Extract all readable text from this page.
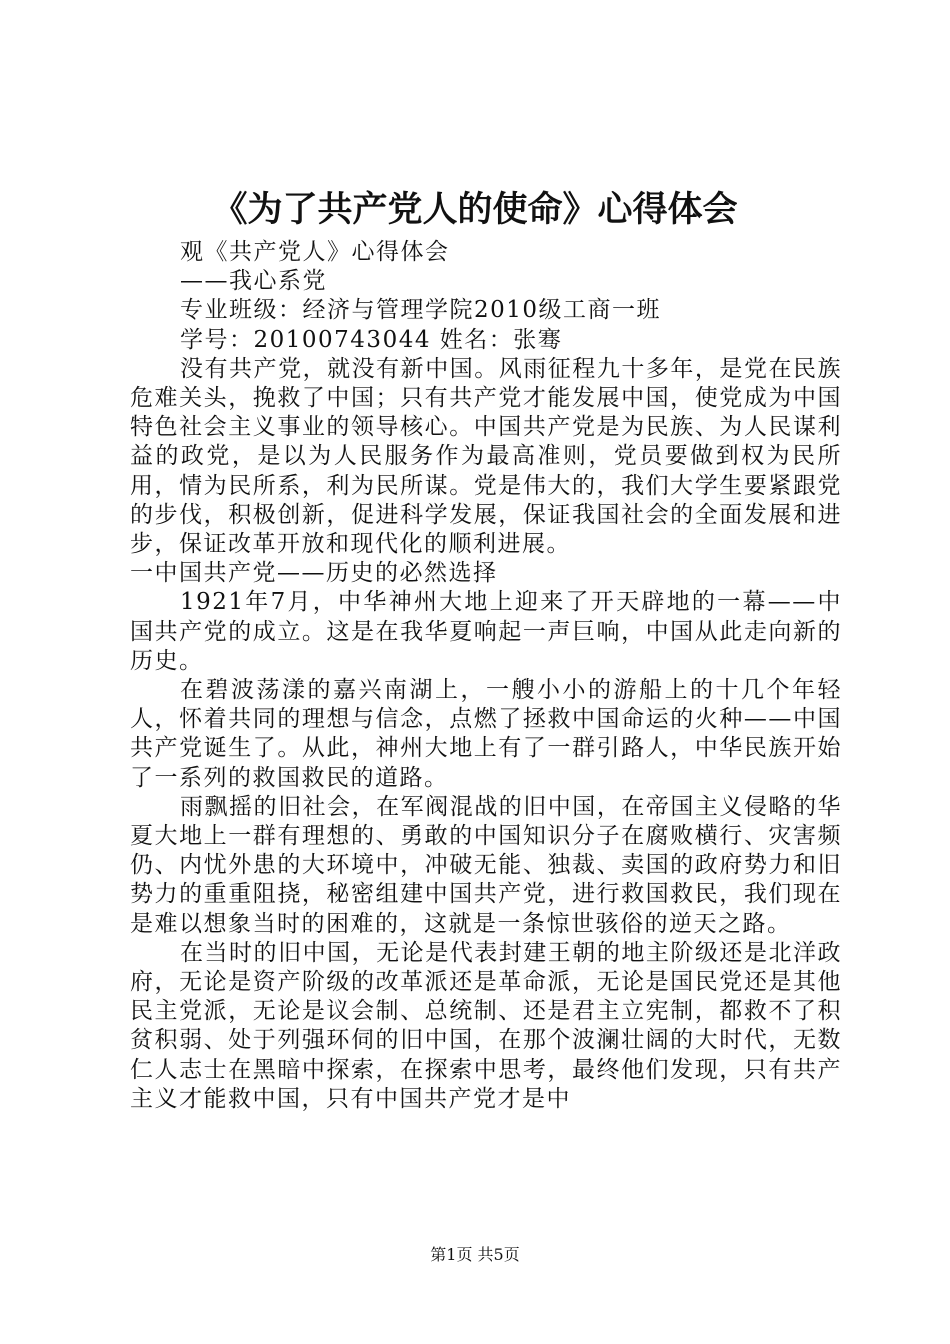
《为了共产党人的使命》心得体会

观《共产党人》心得体会

——我心系党

专业班级：经济与管理学院2010级工商一班

学号：20100743044 姓名：张骞

没有共产党，就没有新中国。风雨征程九十多年，是党在民族危难关头，挽救了中国；只有共产党才能发展中国，使党成为中国特色社会主义事业的领导核心。中国共产党是为民族、为人民谋利益的政党，是以为人民服务作为最高准则，党员要做到权为民所用，情为民所系，利为民所谋。党是伟大的，我们大学生要紧跟党的步伐，积极创新，促进科学发展，保证我国社会的全面发展和进步，保证改革开放和现代化的顺利进展。

一中国共产党——历史的必然选择

1921年7月，中华神州大地上迎来了开天辟地的一幕——中国共产党的成立。这是在我华夏响起一声巨响，中国从此走向新的历史。

在碧波荡漾的嘉兴南湖上，一艘小小的游船上的十几个年轻人，怀着共同的理想与信念，点燃了拯救中国命运的火种——中国共产党诞生了。从此，神州大地上有了一群引路人，中华民族开始了一系列的救国救民的道路。

雨飘摇的旧社会，在军阀混战的旧中国，在帝国主义侵略的华夏大地上一群有理想的、勇敢的中国知识分子在腐败横行、灾害频仍、内忧外患的大环境中，冲破无能、独裁、卖国的政府势力和旧势力的重重阻挠，秘密组建中国共产党，进行救国救民，我们现在是难以想象当时的困难的，这就是一条惊世骇俗的逆天之路。

在当时的旧中国，无论是代表封建王朝的地主阶级还是北洋政府，无论是资产阶级的改革派还是革命派，无论是国民党还是其他民主党派，无论是议会制、总统制、还是君主立宪制，都救不了积贫积弱、处于列强环伺的旧中国，在那个波澜壮阔的大时代，无数仁人志士在黑暗中探索，在探索中思考，最终他们发现，只有共产主义才能救中国，只有中国共产党才是中

第1页 共5页
